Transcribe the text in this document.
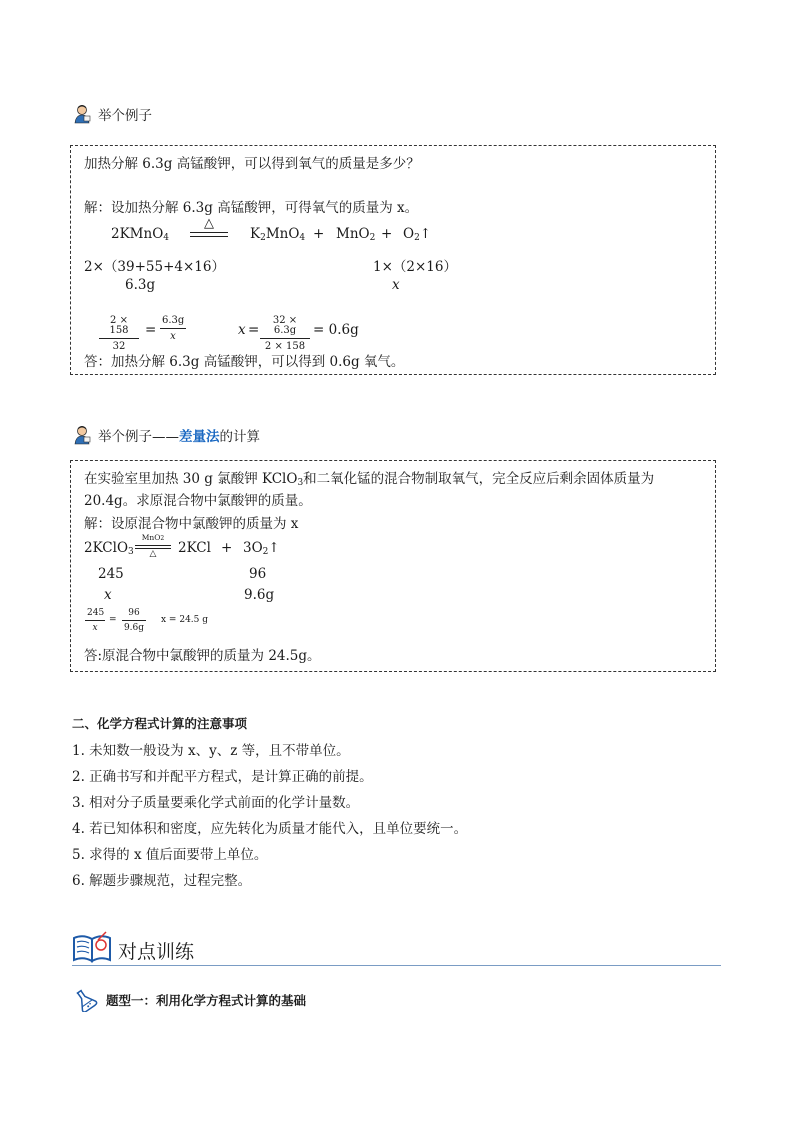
举个例子
加热分解 6.3g 高锰酸钾，可以得到氧气的质量是多少？
解：设加热分解 6.3g 高锰酸钾，可得氧气的质量为 x。
2KMnO$_4$
△
$K_2MnO_4 + MnO_2$ + $O_2↑$
2×（39+55+4×16）	1×（2×16）
6.3g	x
2 × 158
32
=
6.3g
x	x =
32 × 6.3g
2 × 158
= 0.6g
答：加热分解 6.3g 高锰酸钾，可以得到 0.6g 氧气。
举个例子——差量法的计算
在实验室里加热 30 g 氯酸钾 KClO$_3$和二氧化锰的混合物制取氧气，完全反应后剩余固体质量为
20.4g。求原混合物中氯酸钾的质量。
解：设原混合物中氯酸钾的质量为 x
2KClO$_3$
MnO2
△	$2KCl + 3O_2↑$
245	96
x	9.6g
245
x
=
96
9.6g
x = 24.5 g
答:原混合物中氯酸钾的质量为 24.5g。
二、化学方程式计算的注意事项
1. 未知数一般设为 x、y、z 等，且不带单位。
2. 正确书写和并配平方程式，是计算正确的前提。
3. 相对分子质量要乘化学式前面的化学计量数。
4. 若已知体积和密度，应先转化为质量才能代入，且单位要统一。
5. 求得的 x 值后面要带上单位。
6. 解题步骤规范，过程完整。
对点训练
题型一：利用化学方程式计算的基础
